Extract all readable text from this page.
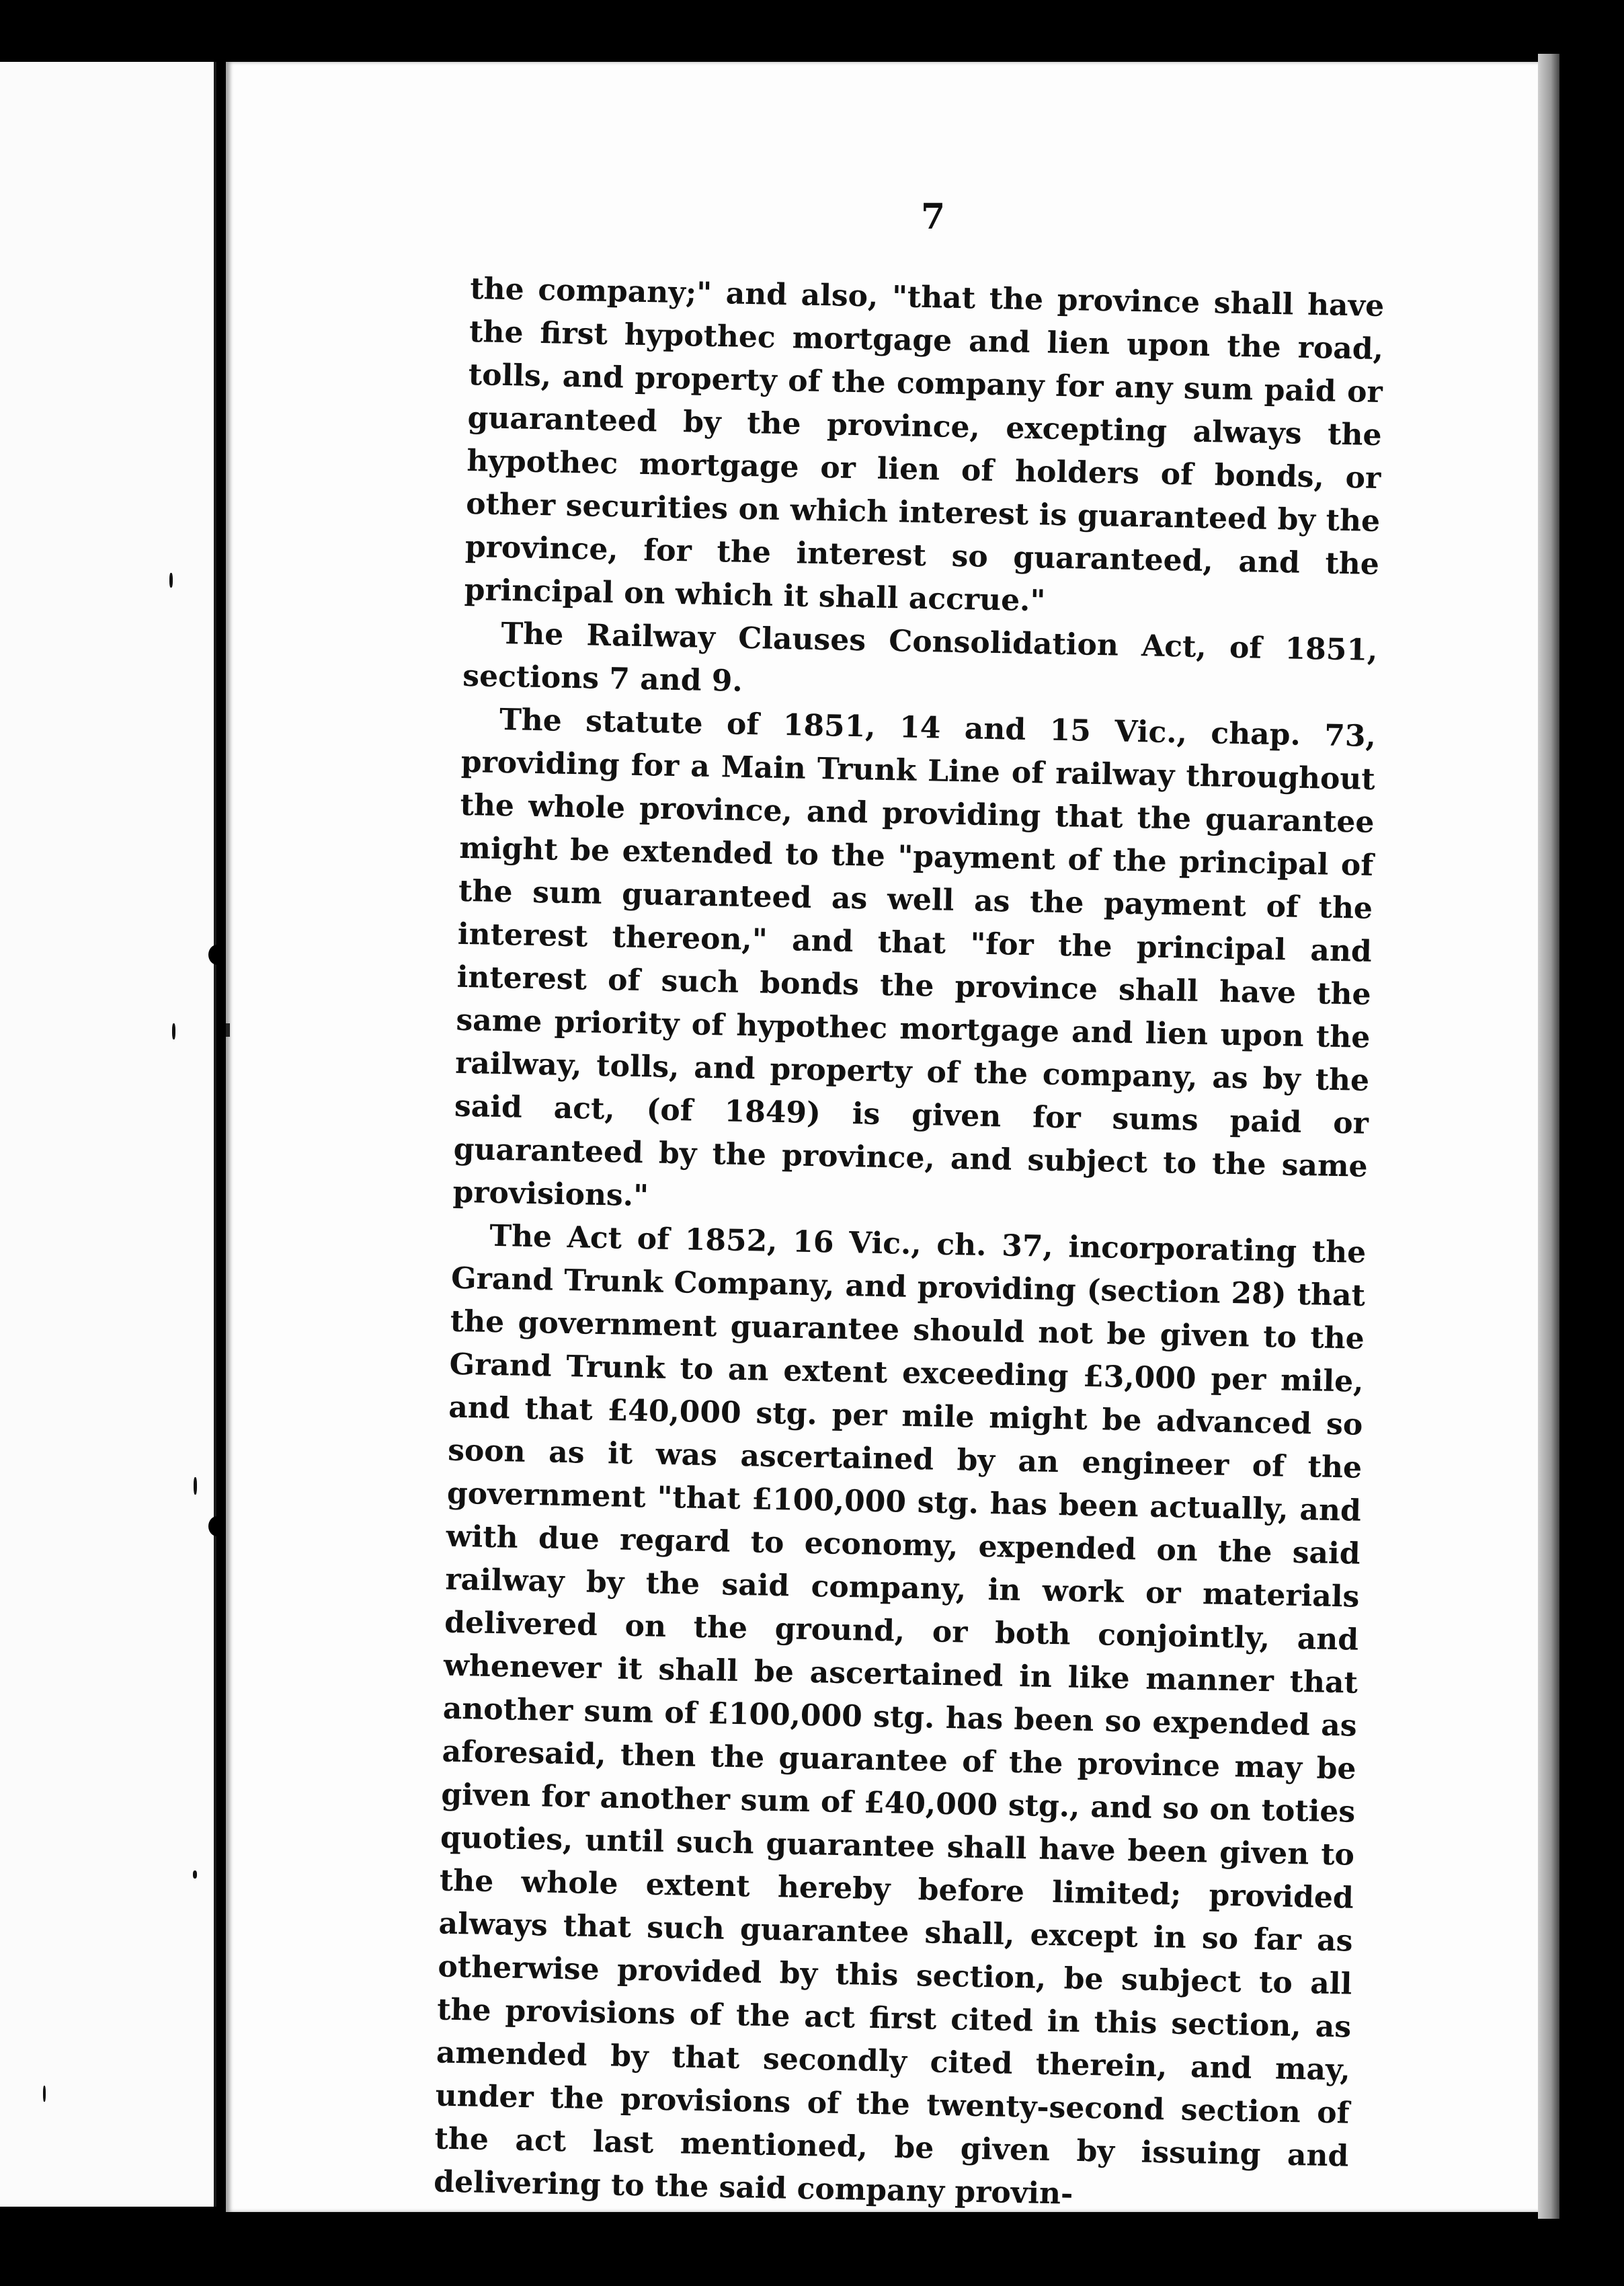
7

the company;" and also, "that the province shall have the first hypothec mortgage and lien upon the road, tolls, and property of the company for any sum paid or guaranteed by the province, excepting always the hypothec mortgage or lien of holders of bonds, or other securities on which interest is guaranteed by the province, for the interest so guaranteed, and the principal on which it shall accrue."

The Railway Clauses Consolidation Act, of 1851, sections 7 and 9.

The statute of 1851, 14 and 15 Vic., chap. 73, providing for a Main Trunk Line of railway throughout the whole province, and providing that the guarantee might be extended to the "payment of the principal of the sum guaranteed as well as the payment of the interest thereon," and that "for the principal and interest of such bonds the province shall have the same priority of hypothec mortgage and lien upon the railway, tolls, and property of the company, as by the said act, (of 1849) is given for sums paid or guaranteed by the province, and subject to the same provisions."

The Act of 1852, 16 Vic., ch. 37, incorporating the Grand Trunk Company, and providing (section 28) that the government guarantee should not be given to the Grand Trunk to an extent exceeding £3,000 per mile, and that £40,000 stg. per mile might be advanced so soon as it was ascertained by an engineer of the government "that £100,000 stg. has been actually, and with due regard to economy, expended on the said railway by the said company, in work or materials delivered on the ground, or both conjointly, and whenever it shall be ascertained in like manner that another sum of £100,000 stg. has been so expended as aforesaid, then the guarantee of the province may be given for another sum of £40,000 stg., and so on toties quoties, until such guarantee shall have been given to the whole extent hereby before limited; provided always that such guarantee shall, except in so far as otherwise provided by this section, be subject to all the provisions of the act first cited in this section, as amended by that secondly cited therein, and may, under the provisions of the twenty-second section of the act last mentioned, be given by issuing and delivering to the said company provin-
